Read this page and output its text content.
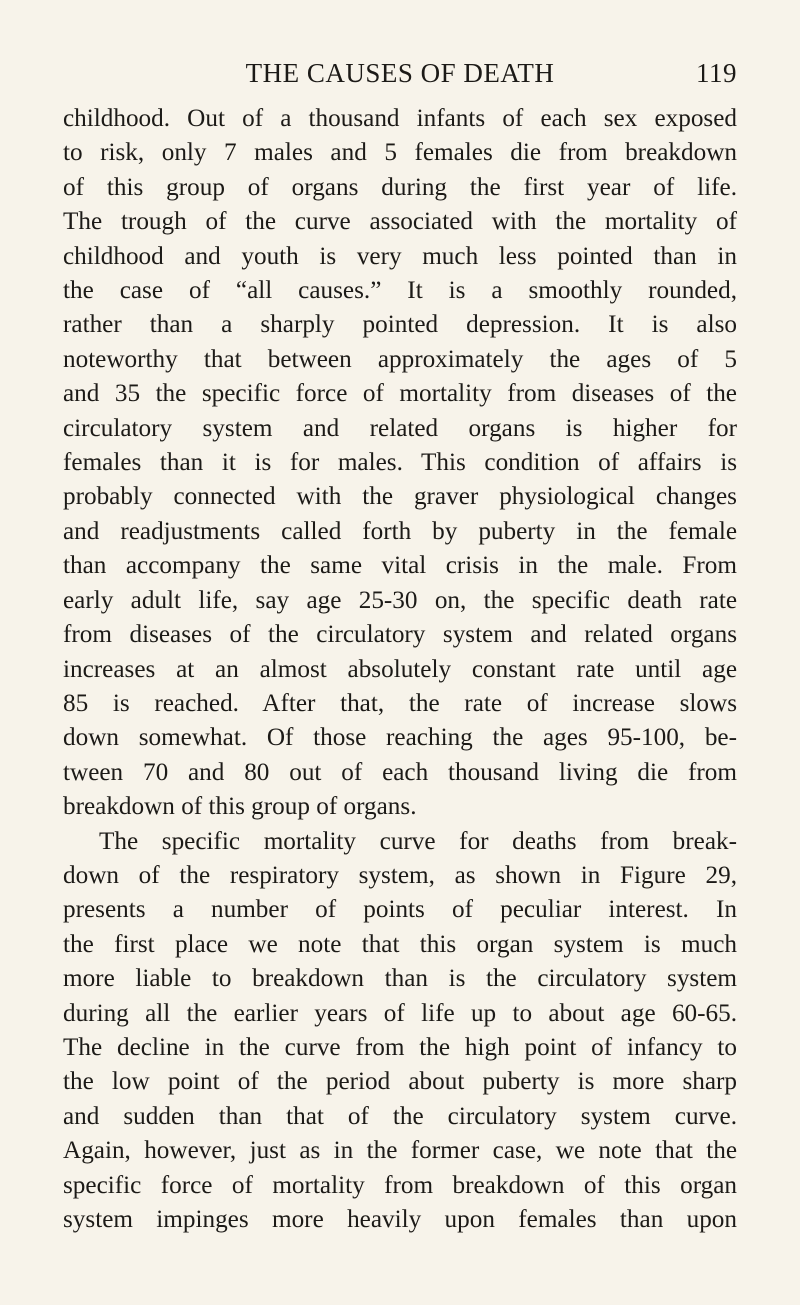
THE CAUSES OF DEATH	119
childhood. Out of a thousand infants of each sex exposed
to risk, only 7 males and 5 females die from breakdown
of this group of organs during the first year of life.
The trough of the curve associated with the mortality of
childhood and youth is very much less pointed than in
the case of “all causes.” It is a smoothly rounded,
rather than a sharply pointed depression. It is also
noteworthy that between approximately the ages of 5
and 35 the specific force of mortality from diseases of the
circulatory system and related organs is higher for
females than it is for males. This condition of affairs is
probably connected with the graver physiological changes
and readjustments called forth by puberty in the female
than accompany the same vital crisis in the male. From
early adult life, say age 25-30 on, the specific death rate
from diseases of the circulatory system and related organs
increases at an almost absolutely constant rate until age
85 is reached. After that, the rate of increase slows
down somewhat. Of those reaching the ages 95-100, be-
tween 70 and 80 out of each thousand living die from
breakdown of this group of organs.
The specific mortality curve for deaths from break-
down of the respiratory system, as shown in Figure 29,
presents a number of points of peculiar interest. In
the first place we note that this organ system is much
more liable to breakdown than is the circulatory system
during all the earlier years of life up to about age 60-65.
The decline in the curve from the high point of infancy to
the low point of the period about puberty is more sharp
and sudden than that of the circulatory system curve.
Again, however, just as in the former case, we note that the
specific force of mortality from breakdown of this organ
system impinges more heavily upon females than upon
